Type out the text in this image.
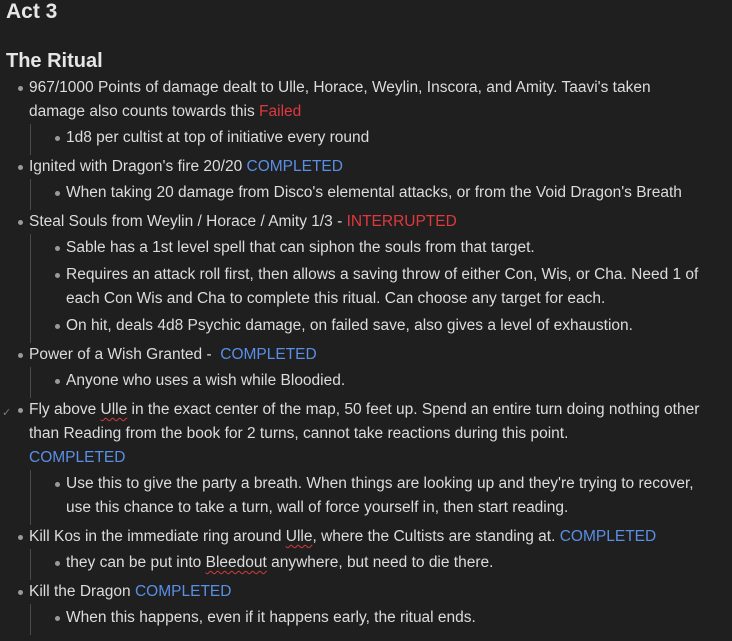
Act 3
The Ritual
967/1000 Points of damage dealt to Ulle, Horace, Weylin, Inscora, and Amity. Taavi's taken damage also counts towards this Failed
1d8 per cultist at top of initiative every round
Ignited with Dragon's fire 20/20 COMPLETED
When taking 20 damage from Disco's elemental attacks, or from the Void Dragon's Breath
Steal Souls from Weylin / Horace / Amity 1/3 - INTERRUPTED
Sable has a 1st level spell that can siphon the souls from that target.
Requires an attack roll first, then allows a saving throw of either Con, Wis, or Cha. Need 1 of each Con Wis and Cha to complete this ritual. Can choose any target for each.
On hit, deals 4d8 Psychic damage, on failed save, also gives a level of exhaustion.
Power of a Wish Granted -  COMPLETED
Anyone who uses a wish while Bloodied.
✓ Fly above Ulle in the exact center of the map, 50 feet up. Spend an entire turn doing nothing other than Reading from the book for 2 turns, cannot take reactions during this point.
COMPLETED
Use this to give the party a breath. When things are looking up and they're trying to recover, use this chance to take a turn, wall of force yourself in, then start reading.
Kill Kos in the immediate ring around Ulle, where the Cultists are standing at. COMPLETED
they can be put into Bleedout anywhere, but need to die there.
Kill the Dragon COMPLETED
When this happens, even if it happens early, the ritual ends.
